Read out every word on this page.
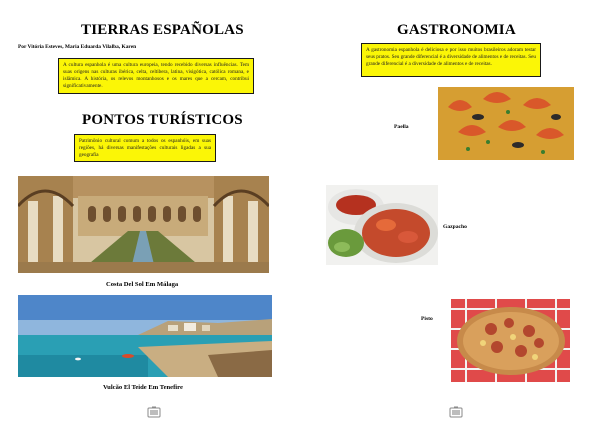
TIERRAS ESPAÑOLAS
Por Vitória Esteves, Maria Eduarda Vilalba, Karen
A cultura espanhola é uma cultura europeia, tendo recebido diversas influências. Tem suas origens nas culturas ibérica, celta, celtibera, latina, visigótica, católica romana, e islâmica. A história, os relevos montanhosos e os mares que a cercam, contribui significativamente.
PONTOS TURÍSTICOS
Patrimônio cultural comum a todos os espanhóis, em suas regiões, há diversas manifestações culturais ligadas a sua geografia
Costa Del Sol Em Málaga
Vulcão El Teide Em Tenefire
GASTRONOMIA
A gastronomia espanhola é deliciosa e por isso muitos brasileiros adoram testar seus pratos. Seu grande diferencial é a diversidade de alimentos e de receitas. Seu grande diferencial é a diversidade de alimentos e de receitas.
Paella
Gazpacho
Pisto
